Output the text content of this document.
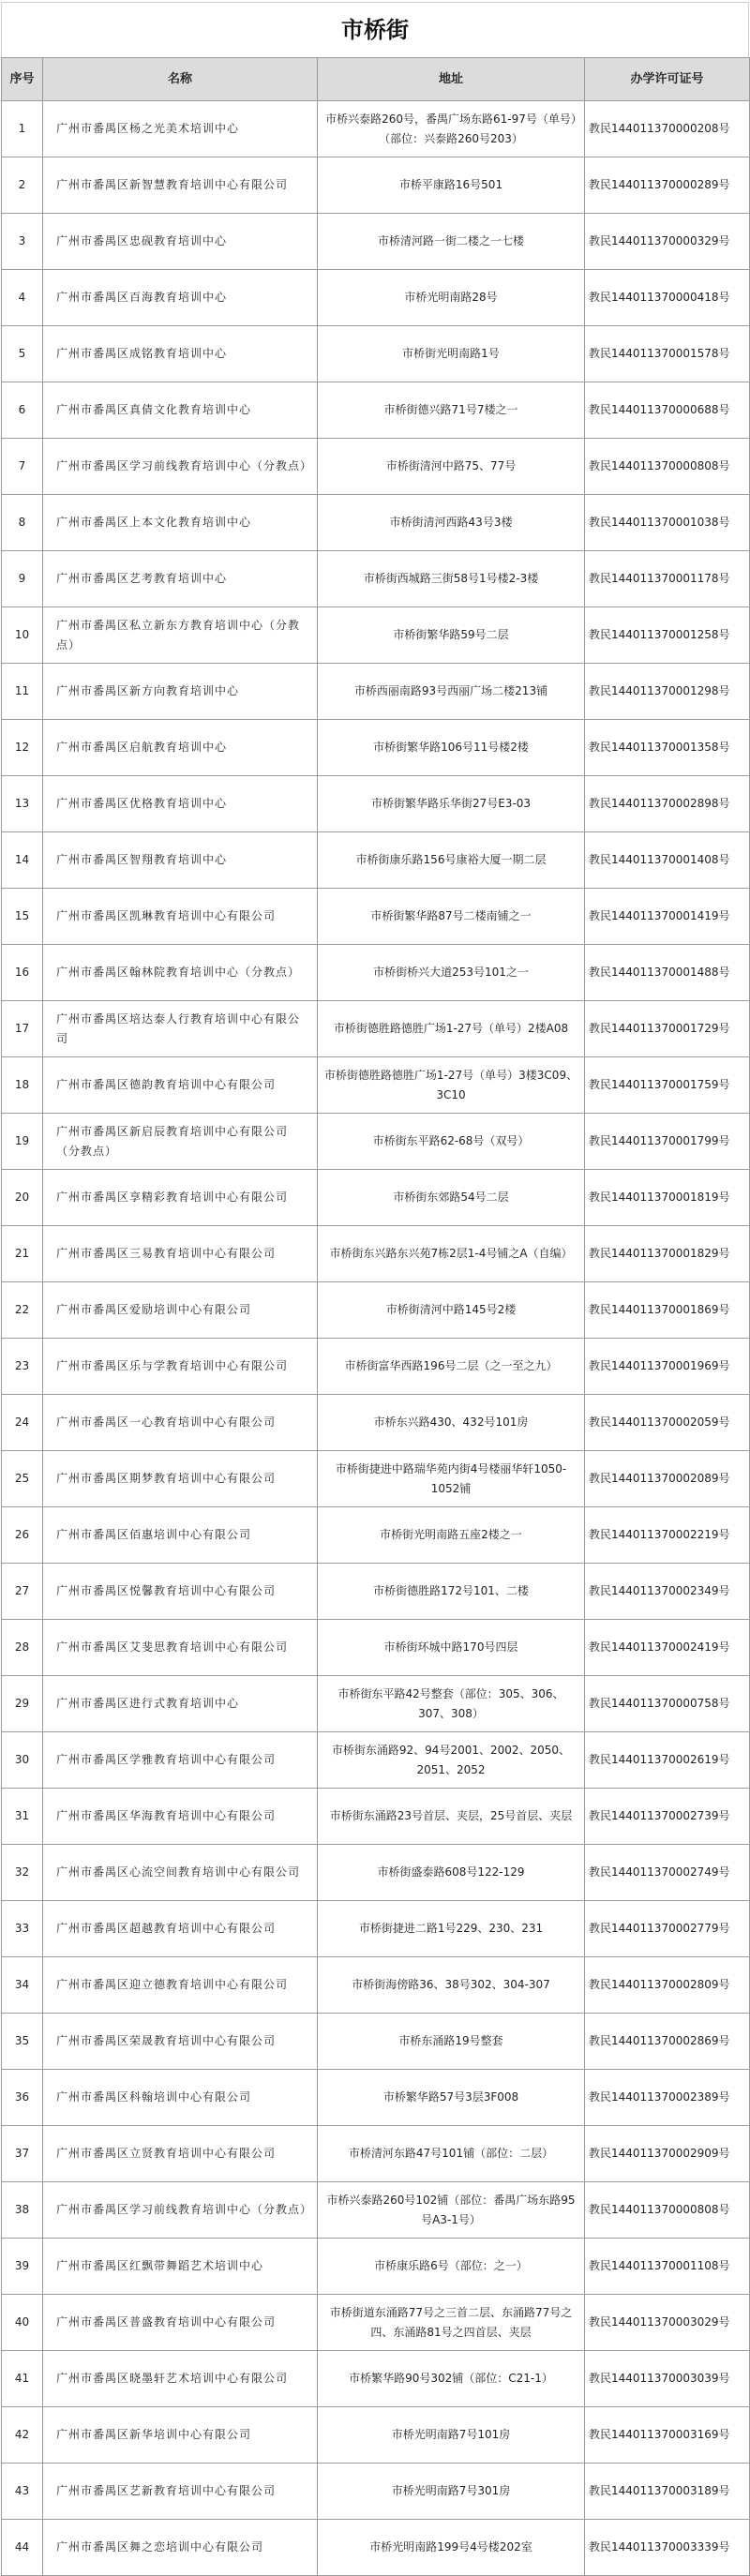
市桥街
序号	名称	地址	办学许可证号
1	广州市番禺区杨之光美术培训中心	市桥兴泰路260号，番禺广场东路61-97号（单号）（部位：兴泰路260号203）	教民144011370000208号
2	广州市番禺区新智慧教育培训中心有限公司	市桥平康路16号501	教民144011370000289号
3	广州市番禺区忠砚教育培训中心	市桥清河路一街二楼之一七楼	教民144011370000329号
4	广州市番禺区百海教育培训中心	市桥光明南路28号	教民144011370000418号
5	广州市番禺区成铭教育培训中心	市桥街光明南路1号	教民144011370001578号
6	广州市番禺区真倩文化教育培训中心	市桥街德兴路71号7楼之一	教民144011370000688号
7	广州市番禺区学习前线教育培训中心（分教点）	市桥街清河中路75、77号	教民144011370000808号
8	广州市番禺区上本文化教育培训中心	市桥街清河西路43号3楼	教民144011370001038号
9	广州市番禺区艺考教育培训中心	市桥街西城路三街58号1号楼2-3楼	教民144011370001178号
10	广州市番禺区私立新东方教育培训中心（分教点）	市桥街繁华路59号二层	教民144011370001258号
11	广州市番禺区新方向教育培训中心	市桥西丽南路93号西丽广场二楼213铺	教民144011370001298号
12	广州市番禺区启航教育培训中心	市桥街繁华路106号11号楼2楼	教民144011370001358号
13	广州市番禺区优格教育培训中心	市桥街繁华路乐华街27号E3-03	教民144011370002898号
14	广州市番禺区智翔教育培训中心	市桥街康乐路156号康裕大厦一期二层	教民144011370001408号
15	广州市番禺区凯琳教育培训中心有限公司	市桥街繁华路87号二楼南铺之一	教民144011370001419号
16	广州市番禺区翰林院教育培训中心（分教点）	市桥街桥兴大道253号101之一	教民144011370001488号
17	广州市番禺区培达泰人行教育培训中心有限公司	市桥街德胜路德胜广场1-27号（单号）2楼A08	教民144011370001729号
18	广州市番禺区德韵教育培训中心有限公司	市桥街德胜路德胜广场1-27号（单号）3楼3C09、3C10	教民144011370001759号
19	广州市番禺区新启辰教育培训中心有限公司（分教点）	市桥街东平路62-68号（双号）	教民144011370001799号
20	广州市番禺区享精彩教育培训中心有限公司	市桥街东郊路54号二层	教民144011370001819号
21	广州市番禺区三易教育培训中心有限公司	市桥街东兴路东兴苑7栋2层1-4号铺之A（自编）	教民144011370001829号
22	广州市番禺区爱励培训中心有限公司	市桥街清河中路145号2楼	教民144011370001869号
23	广州市番禺区乐与学教育培训中心有限公司	市桥街富华西路196号二层（之一至之九）	教民144011370001969号
24	广州市番禺区一心教育培训中心有限公司	市桥东兴路430、432号101房	教民144011370002059号
25	广州市番禺区期梦教育培训中心有限公司	市桥街捷进中路瑞华苑内街4号楼丽华轩1050-1052铺	教民144011370002089号
26	广州市番禺区佰惠培训中心有限公司	市桥街光明南路五座2楼之一	教民144011370002219号
27	广州市番禺区悦馨教育培训中心有限公司	市桥街德胜路172号101、二楼	教民144011370002349号
28	广州市番禺区艾斐思教育培训中心有限公司	市桥街环城中路170号四层	教民144011370002419号
29	广州市番禺区进行式教育培训中心	市桥街东平路42号整套（部位：305、306、307、308）	教民144011370000758号
30	广州市番禺区学雅教育培训中心有限公司	市桥街东涌路92、94号2001、2002、2050、2051、2052	教民144011370002619号
31	广州市番禺区华海教育培训中心有限公司	市桥街东涌路23号首层、夹层，25号首层、夹层	教民144011370002739号
32	广州市番禺区心流空间教育培训中心有限公司	市桥街盛泰路608号122-129	教民144011370002749号
33	广州市番禺区超越教育培训中心有限公司	市桥街捷进二路1号229、230、231	教民144011370002779号
34	广州市番禺区迎立德教育培训中心有限公司	市桥街海傍路36、38号302、304-307	教民144011370002809号
35	广州市番禺区荣晟教育培训中心有限公司	市桥东涌路19号整套	教民144011370002869号
36	广州市番禺区科翰培训中心有限公司	市桥繁华路57号3层3F008	教民144011370002389号
37	广州市番禺区立贤教育培训中心有限公司	市桥清河东路47号101铺（部位：二层）	教民144011370002909号
38	广州市番禺区学习前线教育培训中心（分教点）	市桥兴泰路260号102铺（部位：番禺广场东路95号A3-1号）	教民144011370000808号
39	广州市番禺区红飘带舞蹈艺术培训中心	市桥康乐路6号（部位：之一）	教民144011370001108号
40	广州市番禺区普盛教育培训中心有限公司	市桥街道东涌路77号之三首二层、东涌路77号之四、东涌路81号之四首层、夹层	教民144011370003029号
41	广州市番禺区晓墨轩艺术培训中心有限公司	市桥繁华路90号302铺（部位：C21-1）	教民144011370003039号
42	广州市番禺区新华培训中心有限公司	市桥光明南路7号101房	教民144011370003169号
43	广州市番禺区艺新教育培训中心有限公司	市桥光明南路7号301房	教民144011370003189号
44	广州市番禺区舞之恋培训中心有限公司	市桥光明南路199号4号楼202室	教民144011370003339号
